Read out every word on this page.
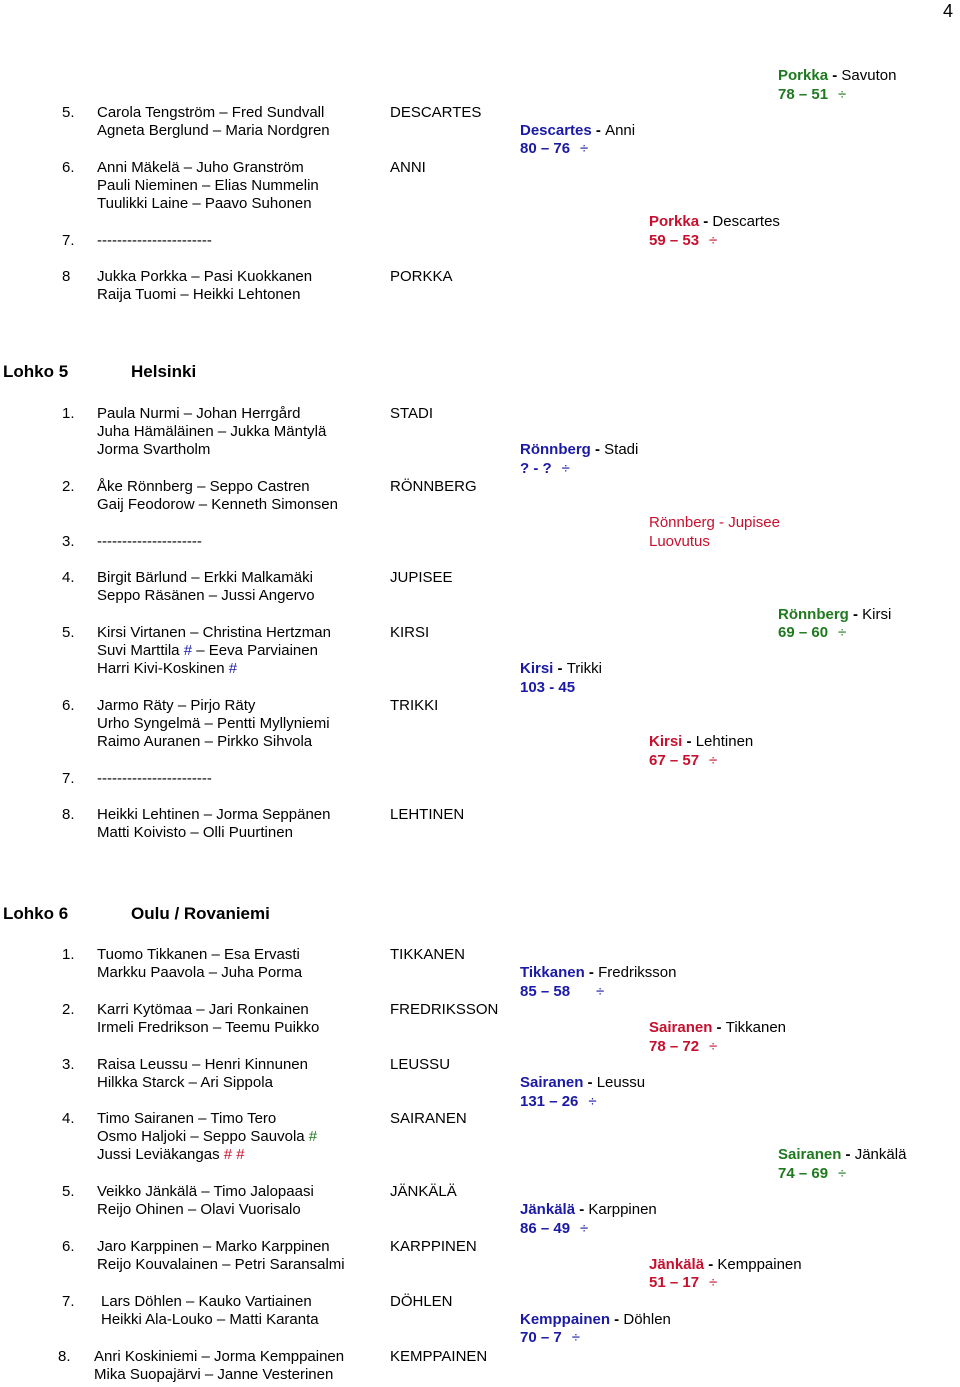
4
5. Carola Tengström – Fred Sundvall
Agneta Berglund – Maria Nordgren
DESCARTES
6. Anni Mäkelä – Juho Granström
Pauli Nieminen – Elias Nummelin
Tuulikki Laine – Paavo Suhonen
ANNI
7. -----------------------
8 Jukka Porkka – Pasi Kuokkanen
Raija Tuomi – Heikki Lehtonen
PORKKA
Descartes - Anni
80 – 76 ÷
Porkka - Descartes
59 – 53 ÷
Porkka - Savuton
78 – 51 ÷
Lohko 5	Helsinki
1. Paula Nurmi – Johan Herrgård
Juha Hämäläinen – Jukka Mäntylä
Jorma Svartholm
STADI
2. Åke Rönnberg – Seppo Castren
Gaij Feodorow – Kenneth Simonsen
RÖNNBERG
3. ---------------------
4. Birgit Bärlund – Erkki Malkamäki
Seppo Räsänen – Jussi Angervo
JUPISEE
5. Kirsi Virtanen – Christina Hertzman
Suvi Marttila # – Eeva Parviainen
Harri Kivi-Koskinen #
KIRSI
6. Jarmo Räty – Pirjo Räty
Urho Syngelmä – Pentti Myllyniemi
Raimo Auranen – Pirkko Sihvola
TRIKKI
7. -----------------------
8. Heikki Lehtinen – Jorma Seppänen
Matti Koivisto – Olli Puurtinen
LEHTINEN
Rönnberg - Stadi
? - ? ÷
Rönnberg - Jupisee
Luovutus
Rönnberg - Kirsi
69 – 60 ÷
Kirsi - Trikki
103 - 45
Kirsi - Lehtinen
67 – 57 ÷
Lohko 6	Oulu / Rovaniemi
1. Tuomo Tikkanen – Esa Ervasti
Markku Paavola – Juha Porma
TIKKANEN
2. Karri Kytömaa – Jari Ronkainen
Irmeli Fredrikson – Teemu Puikko
FREDRIKSSON
3. Raisa Leussu – Henri Kinnunen
Hilkka Starck – Ari Sippola
LEUSSU
4. Timo Sairanen – Timo Tero
Osmo Haljoki – Seppo Sauvola #
Jussi Leviäkangas # #
SAIRANEN
5. Veikko Jänkälä – Timo Jalopaasi
Reijo Ohinen – Olavi Vuorisalo
JÄNKÄLÄ
6. Jaro Karppinen – Marko Karppinen
Reijo Kouvalainen – Petri Saransalmi
KARPPINEN
7. Lars Döhlen – Kauko Vartiainen
Heikki Ala-Louko – Matti Karanta
DÖHLEN
8. Anri Koskiniemi – Jorma Kemppainen
Mika Suopajärvi – Janne Vesterinen
KEMPPAINEN
Tikkanen - Fredriksson
85 – 58 ÷
Sairanen - Leussu
131 – 26 ÷
Jänkälä - Karppinen
86 – 49 ÷
Kemppainen - Döhlen
70 – 7 ÷
Sairanen - Tikkanen
78 – 72 ÷
Jänkälä - Kemppainen
51 – 17 ÷
Sairanen - Jänkälä
74 – 69 ÷
